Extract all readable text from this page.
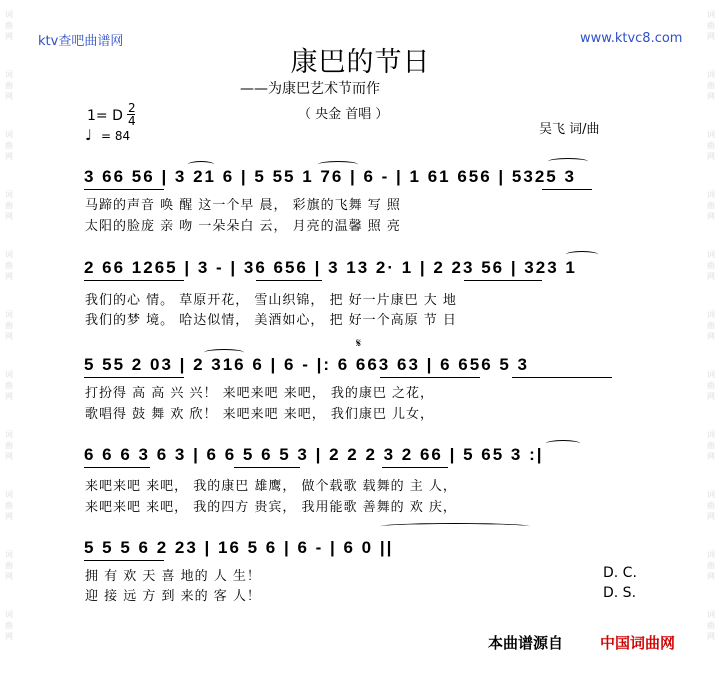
词
曲
网
词
曲
网
词
曲
网
词
曲
网
词
曲
网
词
曲
网
词
曲
网
词
曲
网
词
曲
网
词
曲
网
词
曲
网
词
曲
网
词
曲
网
词
曲
网
词
曲
网
词
曲
网
词
曲
网
词
曲
网
词
曲
网
词
曲
网
词
曲
网
词
曲
网
ktv查吧曲谱网	www.ktvc8.com
康巴的节日
——为康巴艺术节而作
（ 央金 首唱 ）
吴飞 词/曲
1= D 2
4
♩ = 84
3 66 56 | 3 21 6 | 5 55 1 76 | 6 - | 1 61 656 | 5325 3
马蹄的声音 唤 醒 这一个早 晨， 彩旗的飞舞 写 照
太阳的脸庞 亲 吻 一朵朵白 云， 月亮的温馨 照 亮
2 66 1265 | 3 - | 36 656 | 3 13 2· 1 | 2 23 56 | 323 1
我们的心 情。 草原开花， 雪山织锦， 把 好一片康巴 大 地
我们的梦 境。 哈达似情， 美酒如心， 把 好一个高原 节 日
5 55 2 03 | 2 316 6 | 6 - |: 6 663 63 | 6 656 5 3
打扮得 高 高 兴 兴！ 来吧来吧 来吧， 我的康巴 之花，
歌唱得 鼓 舞 欢 欣！ 来吧来吧 来吧， 我们康巴 儿女，
𝄋
6 6 6 3 6 3 | 6 6 5 6 5 3 | 2 2 2 3 2 66 | 5 65 3 :|
来吧来吧 来吧， 我的康巴 雄鹰， 做个载歌 载舞的 主 人，
来吧来吧 来吧， 我的四方 贵宾， 我用能歌 善舞的 欢 庆，
5 5 5 6 2 23 | 16 5 6 | 6 - | 6 0 ||
拥 有 欢 天 喜 地的 人 生！
迎 接 远 方 到 来的 客 人！
D. C.
D. S.
本曲谱源自 中国词曲网
